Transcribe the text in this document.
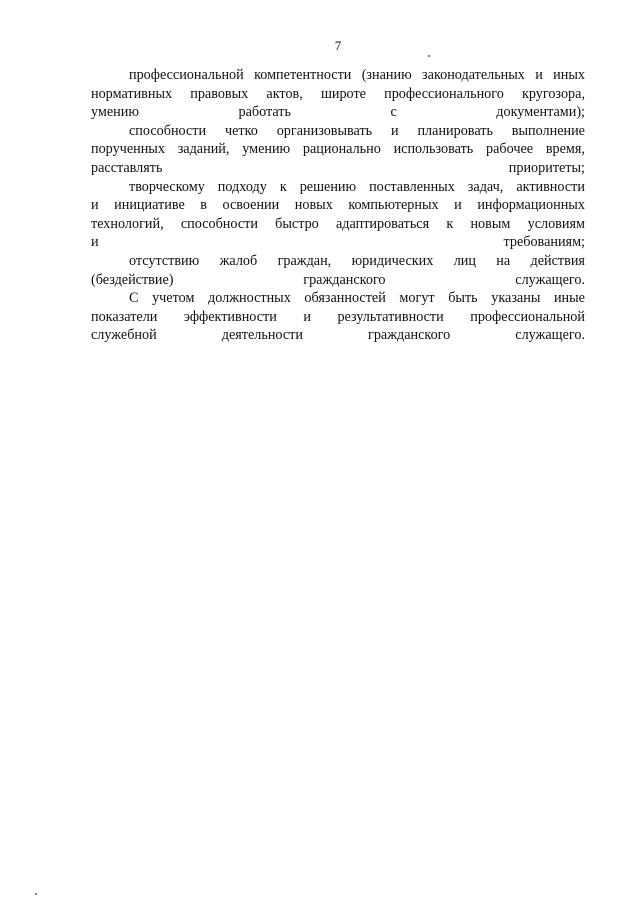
7
профессиональной компетентности (знанию законодательных и иных
нормативных правовых актов, широте профессионального кругозора,
умению работать с документами);
способности четко организовывать и планировать выполнение
порученных заданий, умению рационально использовать рабочее время,
расставлять приоритеты;
творческому подходу к решению поставленных задач, активности
и инициативе в освоении новых компьютерных и информационных
технологий, способности быстро адаптироваться к новым условиям
и требованиям;
отсутствию жалоб граждан, юридических лиц на действия
(бездействие) гражданского служащего.
С учетом должностных обязанностей могут быть указаны иные
показатели эффективности и результативности профессиональной
служебной деятельности гражданского служащего.
